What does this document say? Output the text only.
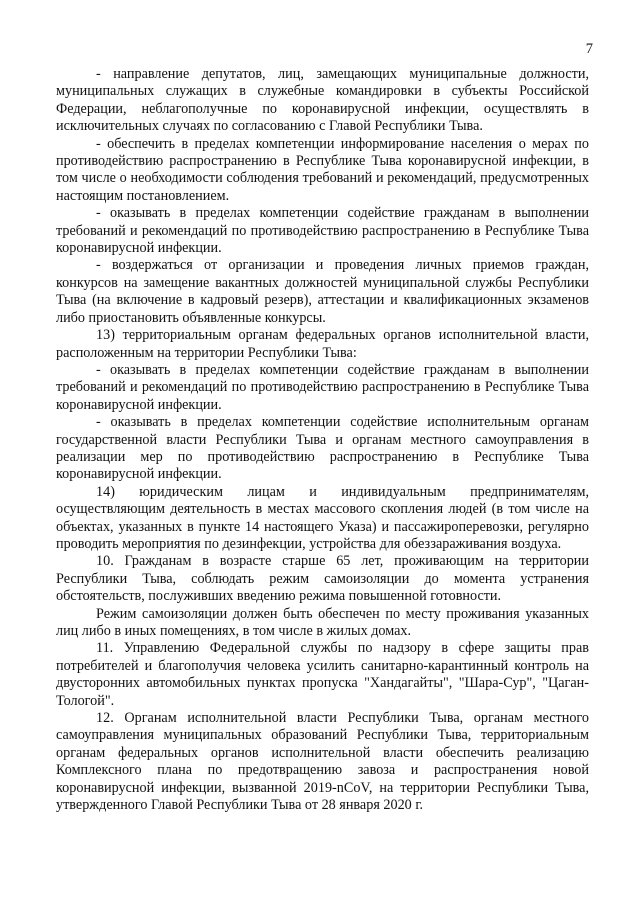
7

- направление депутатов, лиц, замещающих муниципальные должности, муниципальных служащих в служебные командировки в субъекты Российской Федерации, неблагополучные по коронавирусной инфекции, осуществлять в исключительных случаях по согласованию с Главой Республики Тыва.

- обеспечить в пределах компетенции информирование населения о мерах по противодействию распространению в Республике Тыва коронавирусной инфекции, в том числе о необходимости соблюдения требований и рекомендаций, предусмотренных настоящим постановлением.

- оказывать в пределах компетенции содействие гражданам в выполнении требований и рекомендаций по противодействию распространению в Республике Тыва коронавирусной инфекции.

- воздержаться от организации и проведения личных приемов граждан, конкурсов на замещение вакантных должностей муниципальной службы Республики Тыва (на включение в кадровый резерв), аттестации и квалификационных экзаменов либо приостановить объявленные конкурсы.

13) территориальным органам федеральных органов исполнительной власти, расположенным на территории Республики Тыва:

- оказывать в пределах компетенции содействие гражданам в выполнении требований и рекомендаций по противодействию распространению в Республике Тыва коронавирусной инфекции.

- оказывать в пределах компетенции содействие исполнительным органам государственной власти Республики Тыва и органам местного самоуправления в реализации мер по противодействию распространению в Республике Тыва коронавирусной инфекции.

14) юридическим лицам и индивидуальным предпринимателям, осуществляющим деятельность в местах массового скопления людей (в том числе на объектах, указанных в пункте 14 настоящего Указа) и пассажироперевозки, регулярно проводить мероприятия по дезинфекции, устройства для обеззараживания воздуха.

10. Гражданам в возрасте старше 65 лет, проживающим на территории Республики Тыва, соблюдать режим самоизоляции до момента устранения обстоятельств, послуживших введению режима повышенной готовности.

Режим самоизоляции должен быть обеспечен по месту проживания указанных лиц либо в иных помещениях, в том числе в жилых домах.

11. Управлению Федеральной службы по надзору в сфере защиты прав потребителей и благополучия человека усилить санитарно-карантинный контроль на двусторонних автомобильных пунктах пропуска "Хандагайты", "Шара-Сур", "Цаган-Тологой".

12. Органам исполнительной власти Республики Тыва, органам местного самоуправления муниципальных образований Республики Тыва, территориальным органам федеральных органов исполнительной власти обеспечить реализацию Комплексного плана по предотвращению завоза и распространения новой коронавирусной инфекции, вызванной 2019-nCoV, на территории Республики Тыва, утвержденного Главой Республики Тыва от 28 января 2020 г.
